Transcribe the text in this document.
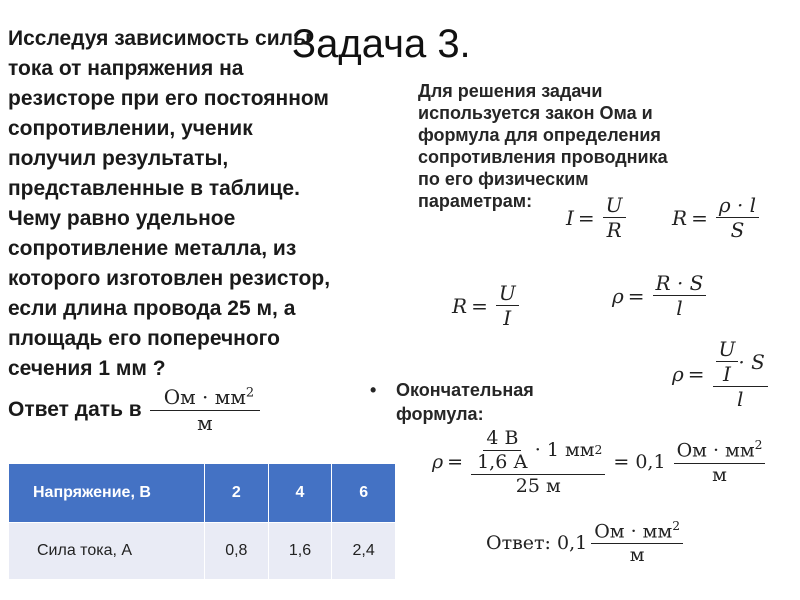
Задача 3.
Исследуя зависимость силы
тока от напряжения на
резисторе при его постоянном
сопротивлении, ученик
получил результаты,
представленные в таблице.
Чему равно удельное
сопротивление металла, из
которого изготовлен резистор,
если длина провода 25 м, а
площадь его поперечного
сечения 1 мм ?
Ответ дать в $\frac{Ом \cdot мм^2}{м}$
Для решения задачи
используется закон Ома и
формула для определения
сопротивления проводника
по его физическим
параметрам:
$I = \frac{U}{R}$ $R = \frac{\rho \cdot l}{S}$
$R = \frac{U}{I}$	$\rho = \frac{R \cdot S}{l}$
$\rho = \frac{\frac{U}{I} \cdot S}{l}$
• Окончательная
формула:
$\rho = \frac{\frac{4 В}{1,6 А} \cdot 1 мм 2}{25 м} = 0,1 \frac{Ом \cdot мм^2}{м}$
Ответ: $0,1 \frac{Ом \cdot мм^2}{м}$
Напряжение, В	2	4	6
Сила тока, А	0,8	1,6	2,4
